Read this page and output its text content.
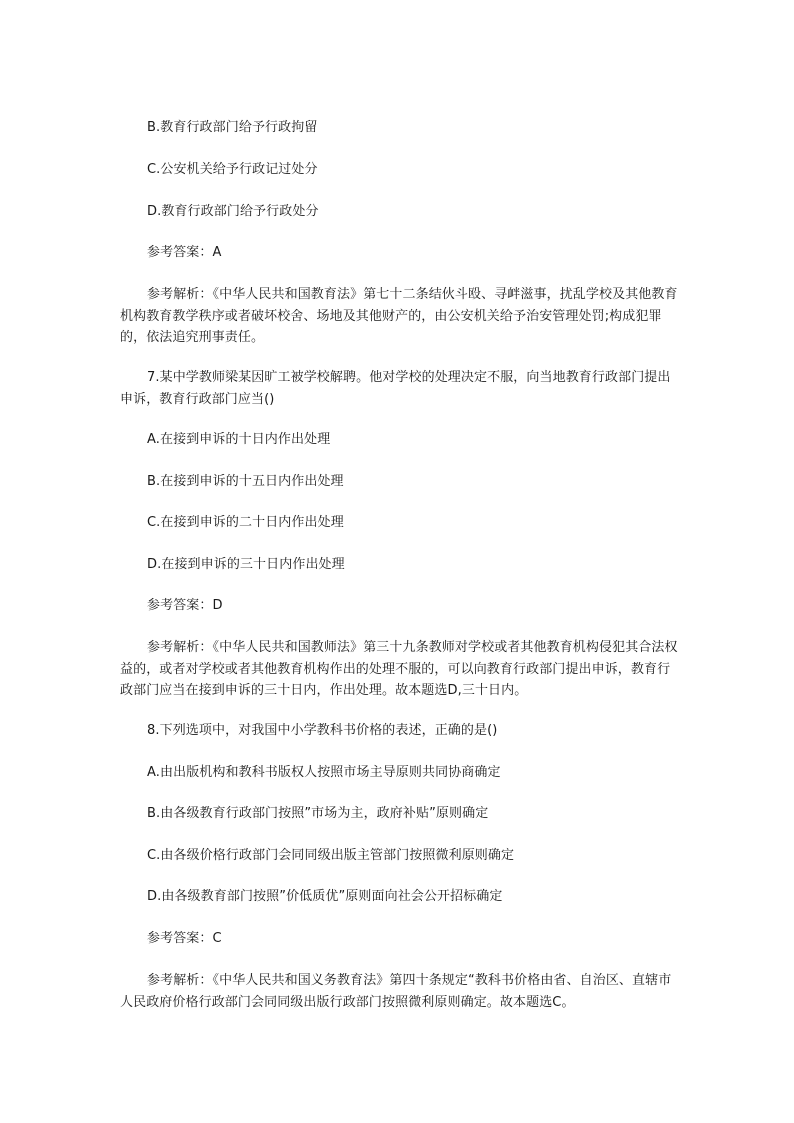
B.教育行政部门给予行政拘留
C.公安机关给予行政记过处分
D.教育行政部门给予行政处分
参考答案：A
参考解析：《中华人民共和国教育法》第七十二条结伙斗殴、寻衅滋事，扰乱学校及其他教育机构教育教学秩序或者破坏校舍、场地及其他财产的，由公安机关给予治安管理处罚;构成犯罪的，依法追究刑事责任。
7.某中学教师梁某因旷工被学校解聘。他对学校的处理决定不服，向当地教育行政部门提出申诉，教育行政部门应当()
A.在接到申诉的十日内作出处理
B.在接到申诉的十五日内作出处理
C.在接到申诉的二十日内作出处理
D.在接到申诉的三十日内作出处理
参考答案：D
参考解析：《中华人民共和国教师法》第三十九条教师对学校或者其他教育机构侵犯其合法权益的，或者对学校或者其他教育机构作出的处理不服的，可以向教育行政部门提出申诉，教育行政部门应当在接到申诉的三十日内，作出处理。故本题选D,三十日内。
8.下列选项中，对我国中小学教科书价格的表述，正确的是()
A.由出版机构和教科书版权人按照市场主导原则共同协商确定
B.由各级教育行政部门按照”市场为主，政府补贴”原则确定
C.由各级价格行政部门会同同级出版主管部门按照微利原则确定
D.由各级教育部门按照”价低质优”原则面向社会公开招标确定
参考答案：C
参考解析：《中华人民共和国义务教育法》第四十条规定“教科书价格由省、自治区、直辖市人民政府价格行政部门会同同级出版行政部门按照微利原则确定。故本题选C。
